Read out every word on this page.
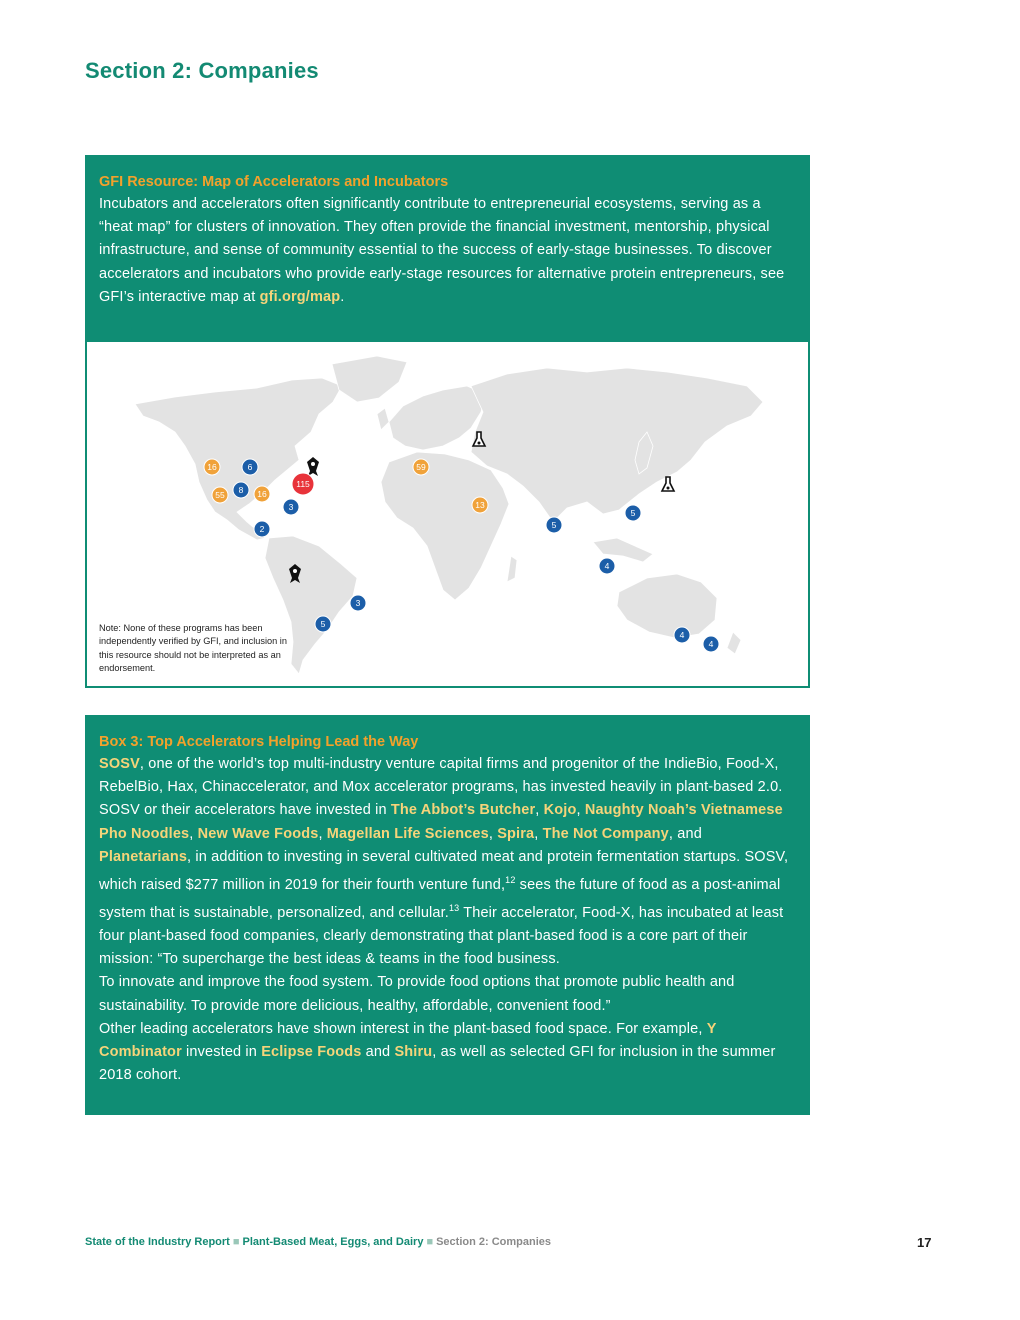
Section 2: Companies

GFI Resource: Map of Accelerators and Incubators

Incubators and accelerators often significantly contribute to entrepreneurial ecosystems, serving as a “heat map” for clusters of innovation. They often provide the financial investment, mentorship, physical infrastructure, and sense of community essential to the success of early-stage businesses. To discover accelerators and incubators who provide early-stage resources for alternative protein entrepreneurs, see GFI’s interactive map at gfi.org/map.

16	6
115
55 8 16
3
2
59
13
5
5
4
3
5
4
4

Note: None of these programs has been independently verified by GFI, and inclusion in this resource should not be interpreted as an endorsement.

Box 3: Top Accelerators Helping Lead the Way

SOSV, one of the world’s top multi-industry venture capital firms and progenitor of the IndieBio, Food-X, RebelBio, Hax, Chinaccelerator, and Mox accelerator programs, has invested heavily in plant-based 2.0. SOSV or their accelerators have invested in The Abbot’s Butcher, Kojo, Naughty Noah’s Vietnamese Pho Noodles, New Wave Foods, Magellan Life Sciences, Spira, The Not Company, and Planetarians, in addition to investing in several cultivated meat and protein fermentation startups. SOSV, which raised $277 million in 2019 for their fourth venture fund,$^{12}$ sees the future of food as a post-animal system that is sustainable, personalized, and cellular.$^{13}$ Their accelerator, Food-X, has incubated at least four plant-based food companies, clearly demonstrating that plant-based food is a core part of their mission: “To supercharge the best ideas & teams in the food business.

To innovate and improve the food system. To provide food options that promote public health and sustainability. To provide more delicious, healthy, affordable, convenient food.”

Other leading accelerators have shown interest in the plant-based food space. For example, Y Combinator invested in Eclipse Foods and Shiru, as well as selected GFI for inclusion in the summer 2018 cohort.

State of the Industry Report ■ Plant-Based Meat, Eggs, and Dairy ■ Section 2: Companies	17
